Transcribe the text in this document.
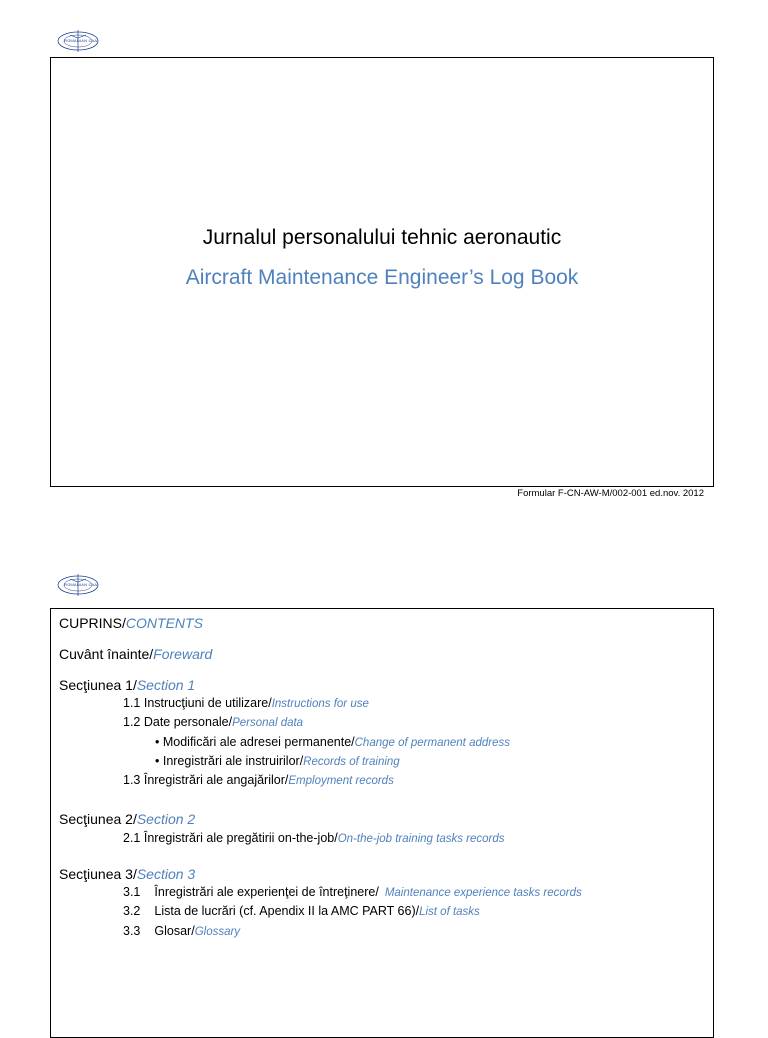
ROMANIAN CAA
Jurnalul personalului tehnic aeronautic
Aircraft Maintenance Engineer’s Log Book
Formular F-CN-AW-M/002-001 ed.nov. 2012
ROMANIAN CAA
CUPRINS/CONTENTS
Cuvânt înainte/Foreward
Secţiunea 1/Section 1
1.1 Instrucţiuni de utilizare/Instructions for use
1.2 Date personale/Personal data
• Modificări ale adresei permanente/Change of permanent address
• Inregistrări ale instruirilor/Records of training
1.3 Înregistrări ale angajărilor/Employment records
Secţiunea 2/Section 2
2.1 Înregistrări ale pregătirii on-the-job/On-the-job training tasks records
Secţiunea 3/Section 3
3.1 Înregistrări ale experienţei de întreţinere/ Maintenance experience tasks records
3.2 Lista de lucrări (cf. Apendix II la AMC PART 66)/List of tasks
3.3 Glosar/Glossary
